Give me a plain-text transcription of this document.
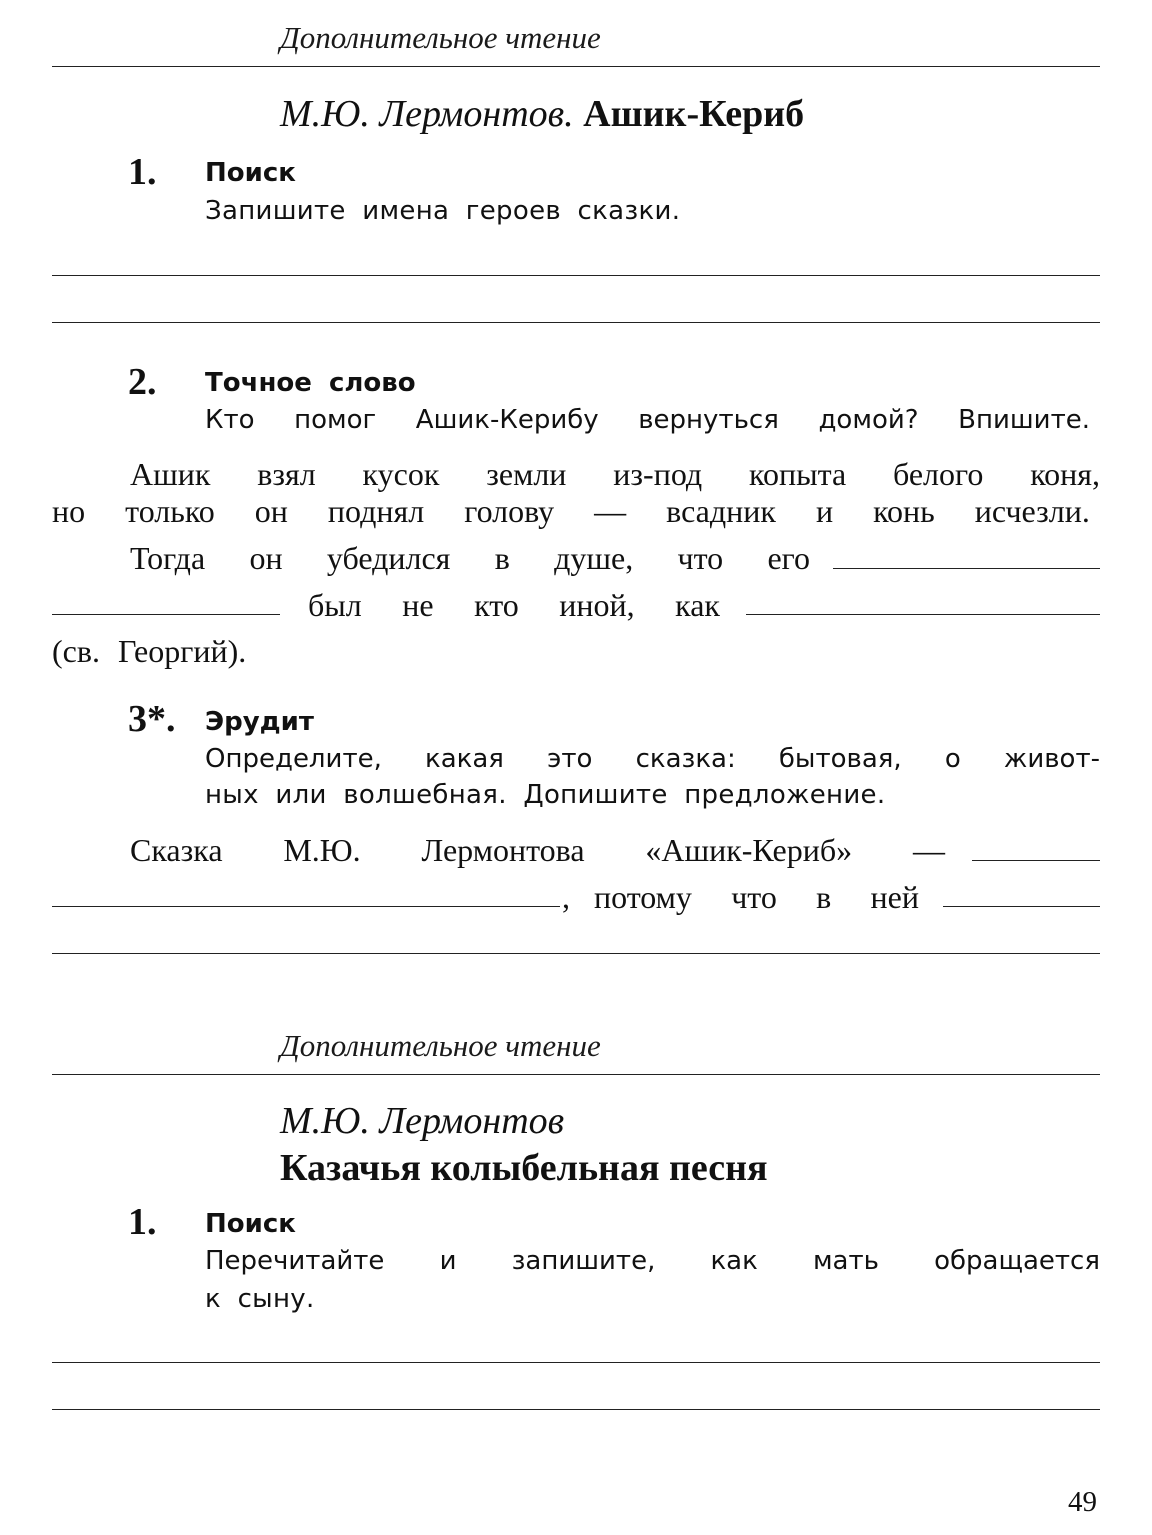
Дополнительное чтение
М.Ю. Лермонтов. Ашик-Кериб
1. Поиск
Запишите имена героев сказки.
2. Точное слово
Кто помог Ашик-Керибу вернуться домой? Впишите.
Ашик взял кусок земли из-под копыта белого коня,
но только он поднял голову — всадник и конь исчезли.
Тогда он убедился в душе, что его
был не кто иной, как
(св. Георгий).
3*. Эрудит
Определите, какая это сказка: бытовая, о живот-
ных или волшебная. Допишите предложение.
Сказка М.Ю. Лермонтова «Ашик-Кериб» —
, потому что в ней
Дополнительное чтение
М.Ю. Лермонтов
Казачья колыбельная песня
1. Поиск
Перечитайте и запишите, как мать обращается
к сыну.
49
